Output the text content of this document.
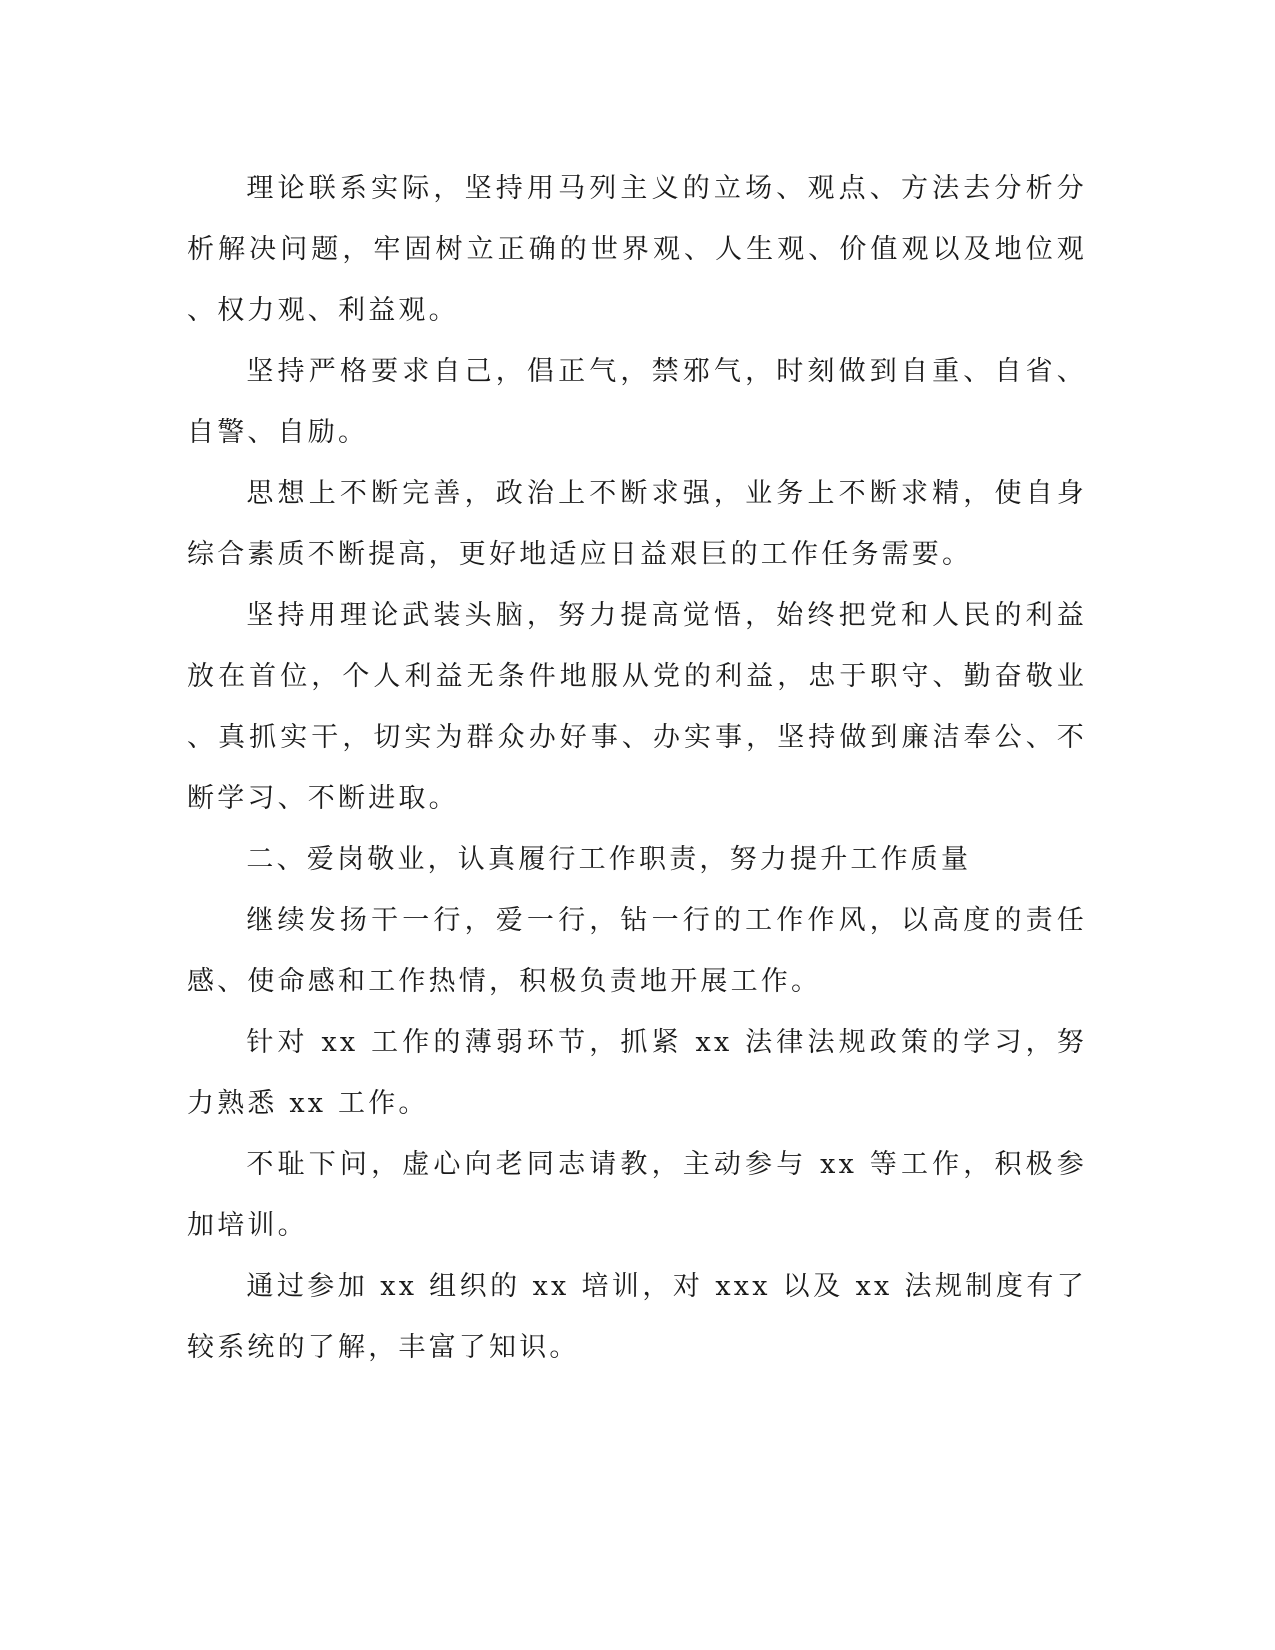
理论联系实际，坚持用马列主义的立场、观点、方法去分析分析解决问题，牢固树立正确的世界观、人生观、价值观以及地位观、权力观、利益观。

坚持严格要求自己，倡正气，禁邪气，时刻做到自重、自省、自警、自励。

思想上不断完善，政治上不断求强，业务上不断求精，使自身综合素质不断提高，更好地适应日益艰巨的工作任务需要。

坚持用理论武装头脑，努力提高觉悟，始终把党和人民的利益放在首位，个人利益无条件地服从党的利益，忠于职守、勤奋敬业、真抓实干，切实为群众办好事、办实事，坚持做到廉洁奉公、不断学习、不断进取。

二、爱岗敬业，认真履行工作职责，努力提升工作质量

继续发扬干一行，爱一行，钻一行的工作作风，以高度的责任感、使命感和工作热情，积极负责地开展工作。

针对 xx 工作的薄弱环节，抓紧 xx 法律法规政策的学习，努力熟悉 xx 工作。

不耻下问，虚心向老同志请教，主动参与 xx 等工作，积极参加培训。

通过参加 xx 组织的 xx 培训，对 xxx 以及 xx 法规制度有了较系统的了解，丰富了知识。
